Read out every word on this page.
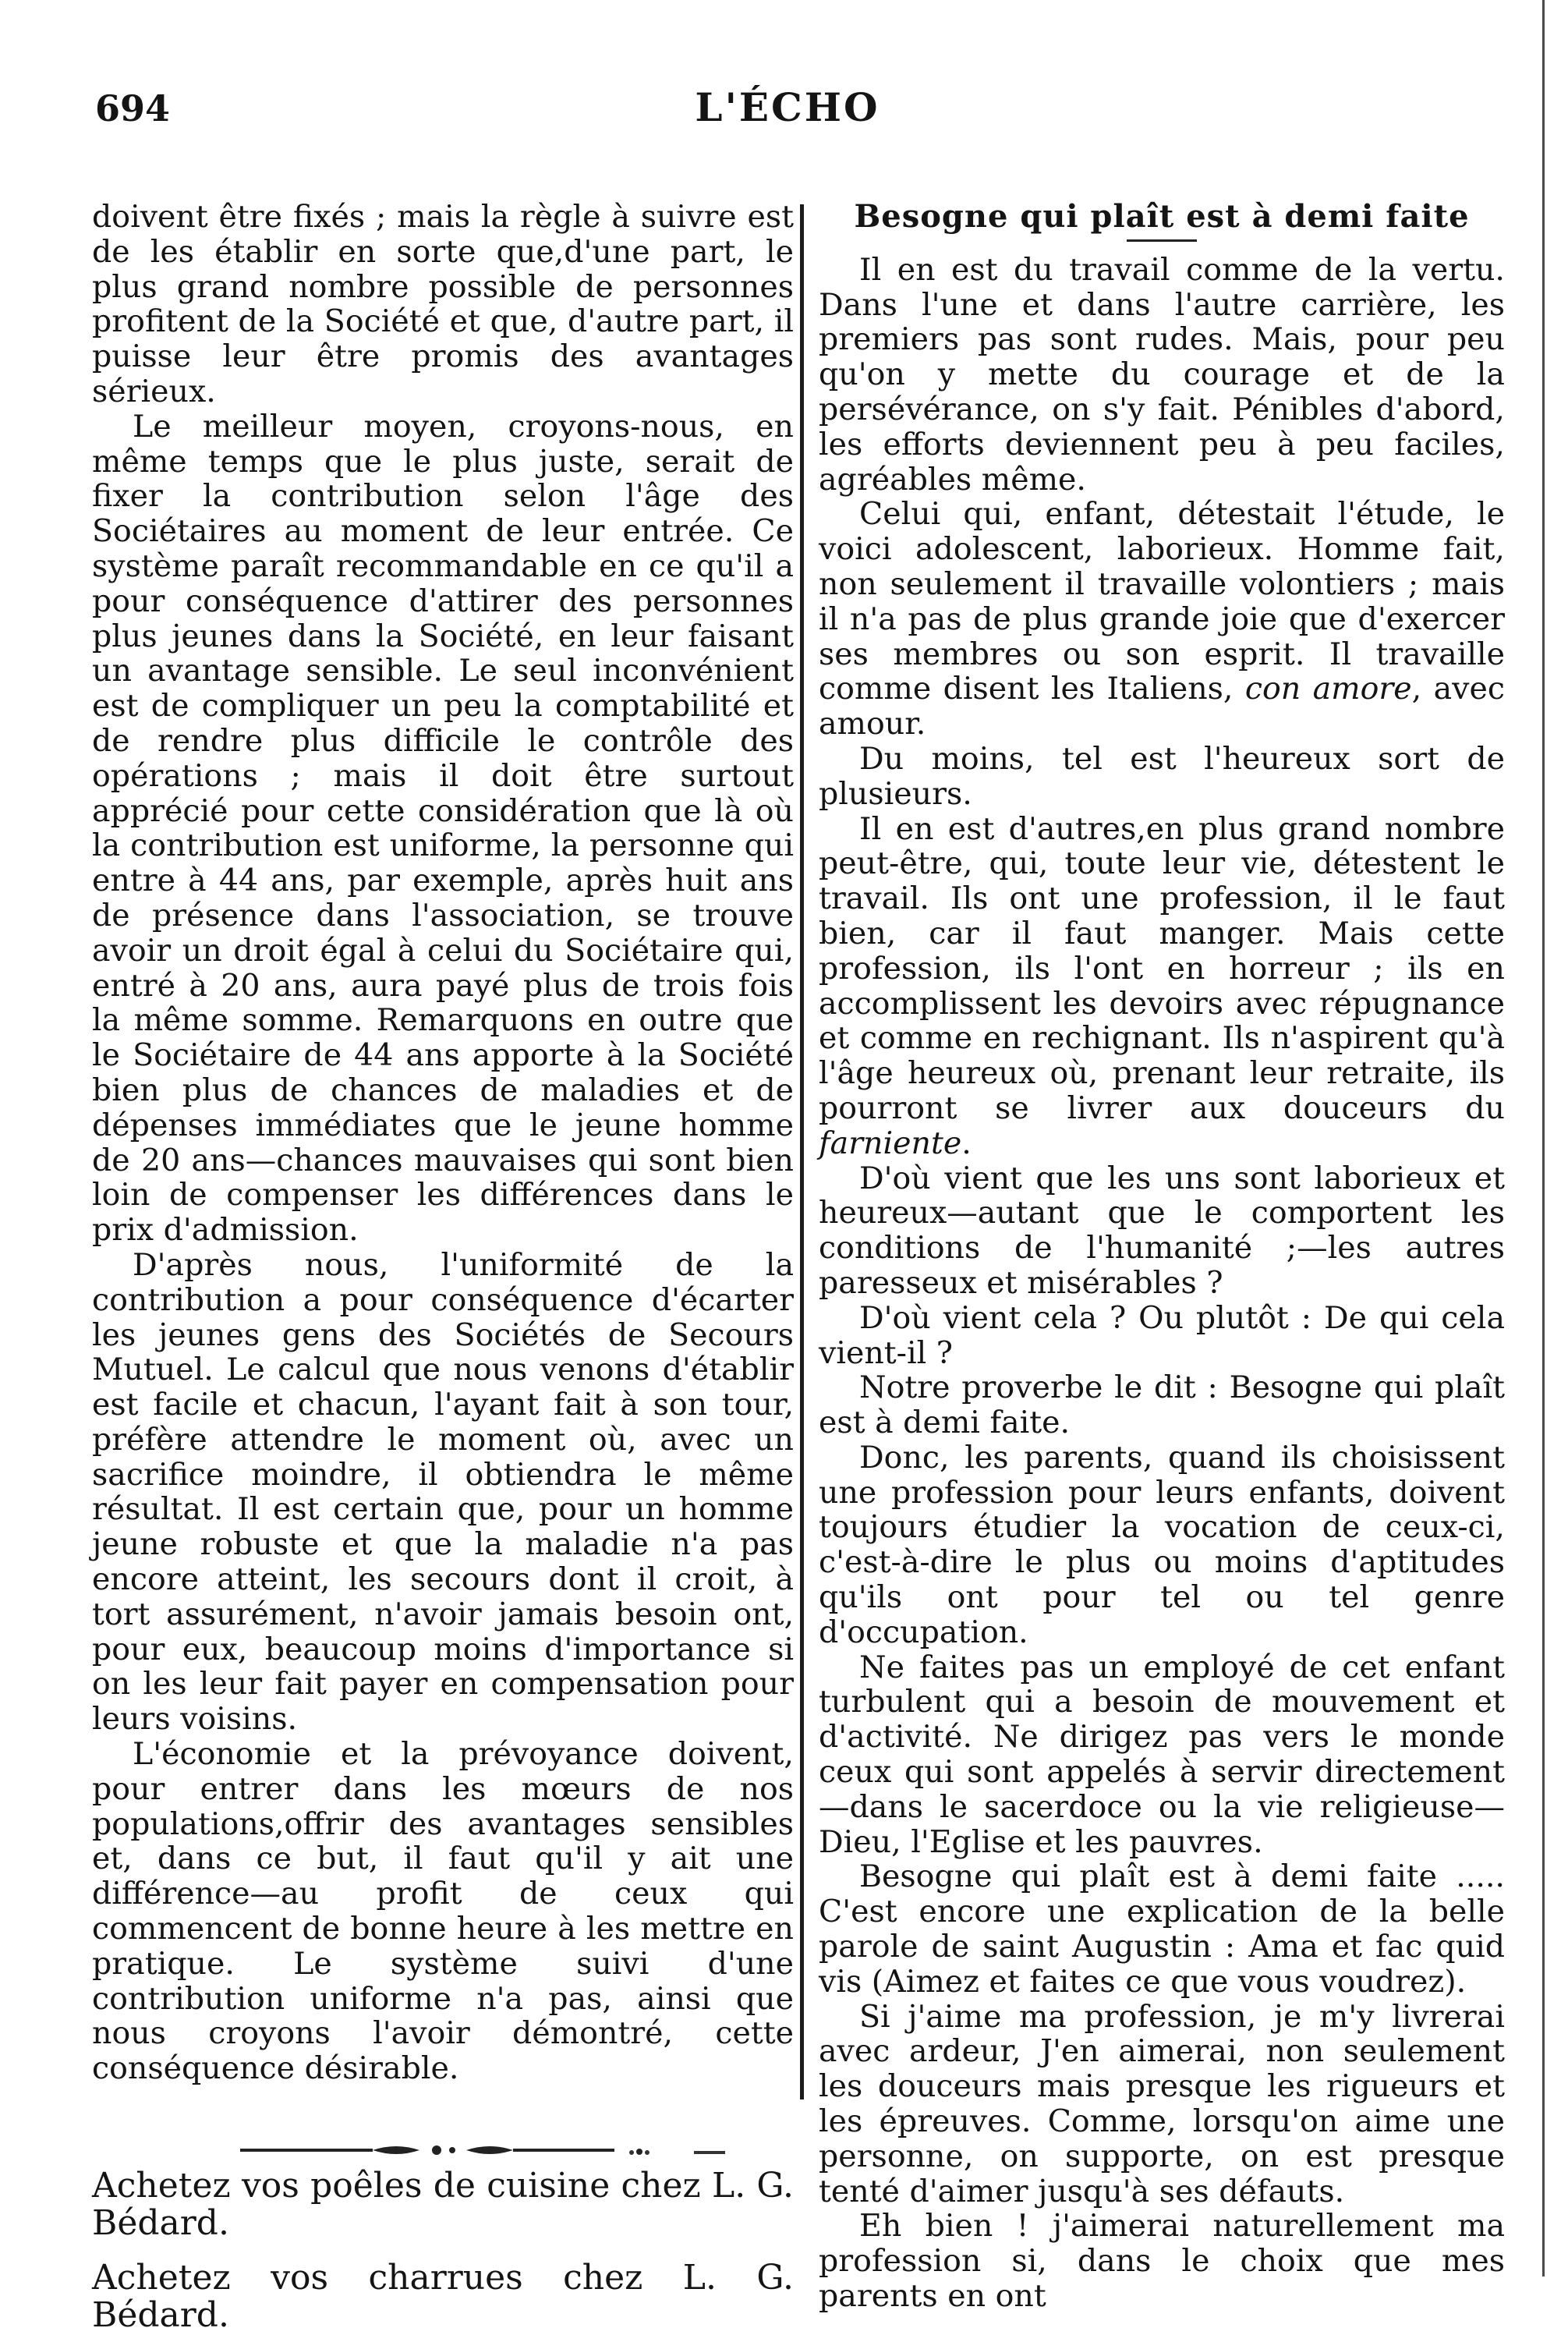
694	L'ÉCHO

doivent être fixés ; mais la règle à suivre est de les établir en sorte que,d'une part, le plus grand nombre possible de personnes profitent de la Société et que, d'autre part, il puisse leur être promis des avantages sérieux.

Le meilleur moyen, croyons-nous, en même temps que le plus juste, serait de fixer la contribution selon l'âge des Sociétaires au moment de leur entrée. Ce système paraît recommandable en ce qu'il a pour conséquence d'attirer des personnes plus jeunes dans la Société, en leur faisant un avantage sensible. Le seul inconvénient est de compliquer un peu la comptabilité et de rendre plus difficile le contrôle des opérations ; mais il doit être surtout apprécié pour cette considération que là où la contribution est uniforme, la personne qui entre à 44 ans, par exemple, après huit ans de présence dans l'association, se trouve avoir un droit égal à celui du Sociétaire qui, entré à 20 ans, aura payé plus de trois fois la même somme. Remarquons en outre que le Sociétaire de 44 ans apporte à la Société bien plus de chances de maladies et de dépenses immédiates que le jeune homme de 20 ans—chances mauvaises qui sont bien loin de compenser les différences dans le prix d'admission.

D'après nous, l'uniformité de la contribution a pour conséquence d'écarter les jeunes gens des Sociétés de Secours Mutuel. Le calcul que nous venons d'établir est facile et chacun, l'ayant fait à son tour, préfère attendre le moment où, avec un sacrifice moindre, il obtiendra le même résultat. Il est certain que, pour un homme jeune robuste et que la maladie n'a pas encore atteint, les secours dont il croit, à tort assurément, n'avoir jamais besoin ont, pour eux, beaucoup moins d'importance si on les leur fait payer en compensation pour leurs voisins.

L'économie et la prévoyance doivent, pour entrer dans les mœurs de nos populations,offrir des avantages sensibles et, dans ce but, il faut qu'il y ait une différence—au profit de ceux qui commencent de bonne heure à les mettre en pratique. Le système suivi d'une contribution uniforme n'a pas, ainsi que nous croyons l'avoir démontré, cette conséquence désirable.

Achetez vos poêles de cuisine chez L. G. Bédard.

Achetez vos charrues chez L. G. Bédard.

Besogne qui plaît est à demi faite

Il en est du travail comme de la vertu. Dans l'une et dans l'autre carrière, les premiers pas sont rudes. Mais, pour peu qu'on y mette du courage et de la persévérance, on s'y fait. Pénibles d'abord, les efforts deviennent peu à peu faciles, agréables même.

Celui qui, enfant, détestait l'étude, le voici adolescent, laborieux. Homme fait, non seulement il travaille volontiers ; mais il n'a pas de plus grande joie que d'exercer ses membres ou son esprit. Il travaille comme disent les Italiens, con amore, avec amour.

Du moins, tel est l'heureux sort de plusieurs.

Il en est d'autres,en plus grand nombre peut-être, qui, toute leur vie, détestent le travail. Ils ont une profession, il le faut bien, car il faut manger. Mais cette profession, ils l'ont en horreur ; ils en accomplissent les devoirs avec répugnance et comme en rechignant. Ils n'aspirent qu'à l'âge heureux où, prenant leur retraite, ils pourront se livrer aux douceurs du farniente.

D'où vient que les uns sont laborieux et heureux—autant que le comportent les conditions de l'humanité ;—les autres paresseux et misérables ?

D'où vient cela ? Ou plutôt : De qui cela vient-il ?

Notre proverbe le dit : Besogne qui plaît est à demi faite.

Donc, les parents, quand ils choisissent une profession pour leurs enfants, doivent toujours étudier la vocation de ceux-ci, c'est-à-dire le plus ou moins d'aptitudes qu'ils ont pour tel ou tel genre d'occupation.

Ne faites pas un employé de cet enfant turbulent qui a besoin de mouvement et d'activité. Ne dirigez pas vers le monde ceux qui sont appelés à servir directement—dans le sacerdoce ou la vie religieuse—Dieu, l'Eglise et les pauvres.

Besogne qui plaît est à demi faite ..... C'est encore une explication de la belle parole de saint Augustin : Ama et fac quid vis (Aimez et faites ce que vous voudrez).

Si j'aime ma profession, je m'y livrerai avec ardeur, J'en aimerai, non seulement les douceurs mais presque les rigueurs et les épreuves. Comme, lorsqu'on aime une personne, on supporte, on est presque tenté d'aimer jusqu'à ses défauts.

Eh bien ! j'aimerai naturellement ma profession si, dans le choix que mes parents en ont
